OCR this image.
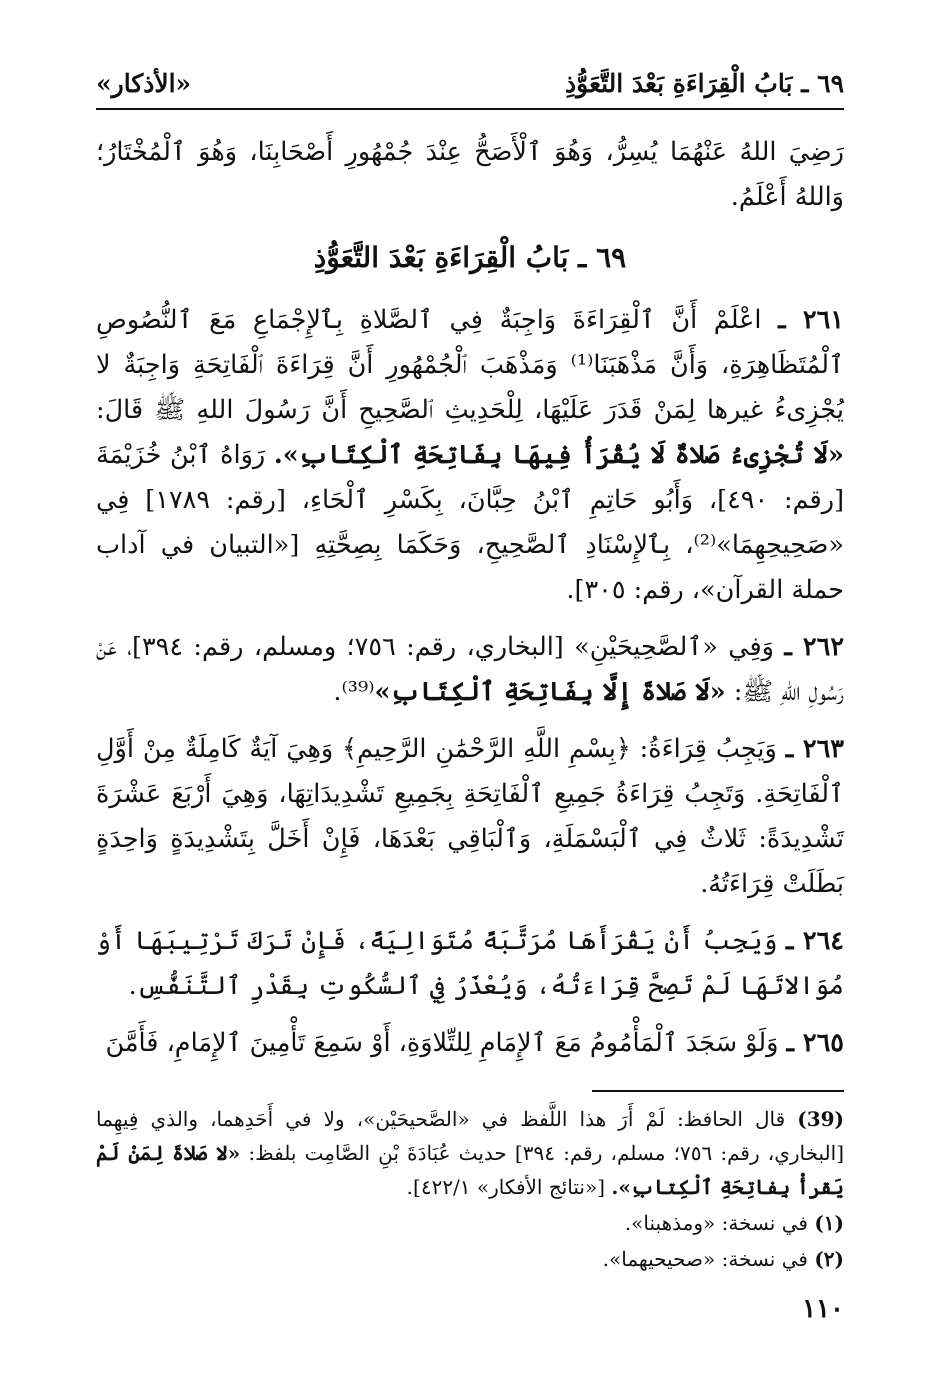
٦٩ ـ بَابُ الْقِرَاءَةِ بَعْدَ التَّعَوُّذِ
«الأذكار»

رَضِيَ اللهُ عَنْهُمَا يُسِرُّ، وَهُوَ ٱلْأَصَحُّ عِنْدَ جُمْهُورِ أَصْحَابِنَا، وَهُوَ ٱلْمُخْتَارُ؛ وَاللهُ أَعْلَمُ.

٦٩ ـ بَابُ الْقِرَاءَةِ بَعْدَ التَّعَوُّذِ

٢٦١ ـ اعْلَمْ أَنَّ ٱلْقِرَاءَةَ وَاجِبَةٌ فِي ٱلصَّلاةِ بِٱلإِجْمَاعِ مَعَ ٱلنُّصُوصِ ٱلْمُتَظَاهِرَةِ، وَأَنَّ مَذْهَبَنَا⁽¹⁾ وَمَذْهَبَ ٱلْجُمْهُورِ أَنَّ قِرَاءَةَ ٱلْفَاتِحَةِ وَاجِبَةٌ لا يُجْزِىءُ غيرها لِمَنْ قَدَرَ عَلَيْهَا، لِلْحَدِيثِ ٱلصَّحِيحِ أَنَّ رَسُولَ اللهِ ﷺ قَالَ: «لَا تُجْزِىءُ صَلاةٌ لَا يُقْرَأُ فِيهَا بِفَاتِحَةِ ٱلْكِتَابِ». رَوَاهُ ٱبْنُ خُزَيْمَةَ [رقم: ٤٩٠]، وَأَبُو حَاتِمِ ٱبْنُ حِبَّانَ، بِكَسْرِ ٱلْحَاءِ، [رقم: ١٧٨٩] فِي «صَحِيحِهِمَا»⁽²⁾، بِٱلإِسْنَادِ ٱلصَّحِيحِ، وَحَكَمَا بِصِحَّتِهِ [«التبيان في آداب حملة القرآن»، رقم: ٣٠٥].

٢٦٢ ـ وَفِي «ٱلصَّحِيحَيْنِ» [البخاري، رقم: ٧٥٦؛ ومسلم، رقم: ٣٩٤]، عَنْ رَسُولِ اللهِ ﷺ: «لَا صَلاةَ إِلَّا بِفَاتِحَةِ ٱلْكِتَابِ»⁽³⁹⁾.

٢٦٣ ـ وَيَجِبُ قِرَاءَةُ: ﴿بِسْمِ اللَّهِ الرَّحْمَٰنِ الرَّحِيمِ﴾ وَهِيَ آيَةٌ كَامِلَةٌ مِنْ أَوَّلِ ٱلْفَاتِحَةِ. وَتَجِبُ قِرَاءَةُ جَمِيعِ ٱلْفَاتِحَةِ بِجَمِيعِ تَشْدِيدَاتِهَا، وَهِيَ أَرْبَعَ عَشْرَةَ تَشْدِيدَةً: ثَلاثٌ فِي ٱلْبَسْمَلَةِ، وَٱلْبَاقِي بَعْدَهَا، فَإِنْ أَخَلَّ بِتَشْدِيدَةٍ وَاحِدَةٍ بَطَلَتْ قِرَاءَتُهُ.

٢٦٤ ـ وَيَجِبُ أَنْ يَقْرَأَهَا مُرَتَّبَةً مُتَوَالِيَةً، فَإِنْ تَرَكَ تَرْتِيبَهَا أَوْ مُوَالاتَهَا لَمْ تَصِحَّ قِرَاءَتُهُ، وَيُعْذَرُ فِي ٱلسُّكُوتِ بِقَدْرِ ٱلتَّنَفُّسِ.

٢٦٥ ـ وَلَوْ سَجَدَ ٱلْمَأْمُومُ مَعَ ٱلإِمَامِ لِلتِّلاوَةِ، أَوْ سَمِعَ تَأْمِينَ ٱلإِمَامِ، فَأَمَّنَ

(39) قال الحافظ: لَمْ أَرَ هذا اللَّفظ في «الصَّحيحَيْن»، ولا في أَحَدِهما، والذي فِيهِما [البخاري، رقم: ٧٥٦؛ مسلم، رقم: ٣٩٤] حديث عُبَادَةَ بْنِ الصَّامِت بلفظ: «لا صَلاةَ لِمَنْ لَمْ يَقرأْ بِفاتِحَةِ ٱلْكِتابِ». [«نتائج الأفكار» ٤٢٢/١].

(١) في نسخة: «ومذهبنا».

(٢) في نسخة: «صحيحيهما».

١١٠
